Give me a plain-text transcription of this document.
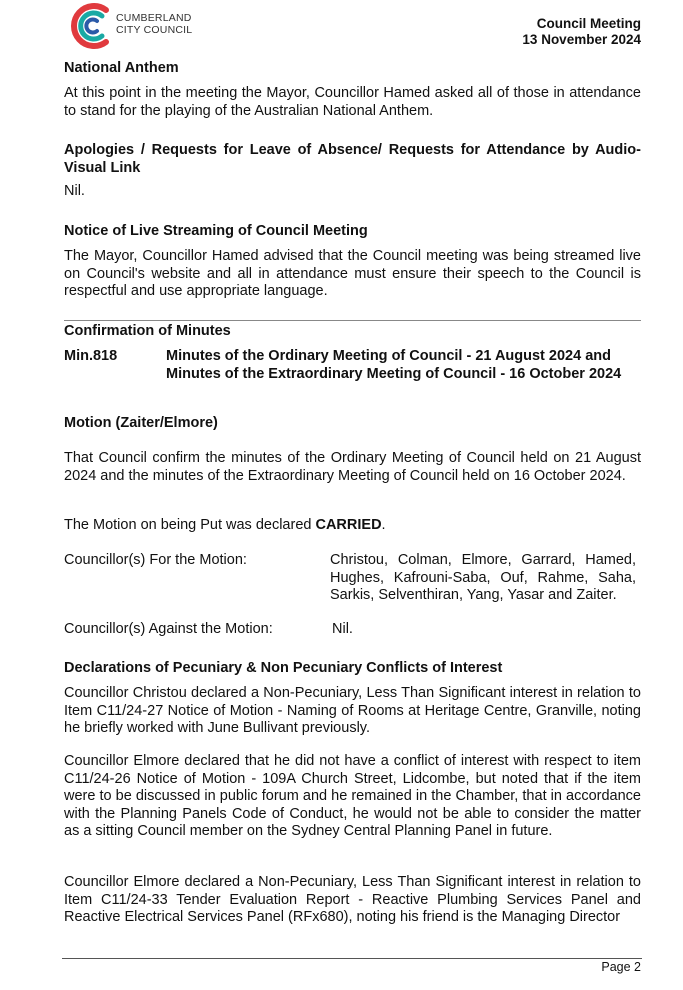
CUMBERLAND
CITY COUNCIL	Council Meeting
13 November 2024
National Anthem
At this point in the meeting the Mayor, Councillor Hamed asked all of those in attendance to stand for the playing of the Australian National Anthem.
Apologies / Requests for Leave of Absence/ Requests for Attendance by Audio-Visual Link
Nil.
Notice of Live Streaming of Council Meeting
The Mayor, Councillor Hamed advised that the Council meeting was being streamed live on Council's website and all in attendance must ensure their speech to the Council is respectful and use appropriate language.
Confirmation of Minutes
Min.818	Minutes of the Ordinary Meeting of Council - 21 August 2024 and
Minutes of the Extraordinary Meeting of Council - 16 October 2024
Motion (Zaiter/Elmore)
That Council confirm the minutes of the Ordinary Meeting of Council held on 21 August 2024 and the minutes of the Extraordinary Meeting of Council held on 16 October 2024.
The Motion on being Put was declared CARRIED.
Councillor(s) For the Motion:	Christou, Colman, Elmore, Garrard, Hamed, Hughes, Kafrouni-Saba, Ouf, Rahme, Saha, Sarkis, Selventhiran, Yang, Yasar and Zaiter.
Councillor(s) Against the Motion:	Nil.
Declarations of Pecuniary & Non Pecuniary Conflicts of Interest
Councillor Christou declared a Non-Pecuniary, Less Than Significant interest in relation to Item C11/24-27 Notice of Motion - Naming of Rooms at Heritage Centre, Granville, noting he briefly worked with June Bullivant previously.
Councillor Elmore declared that he did not have a conflict of interest with respect to item C11/24-26 Notice of Motion - 109A Church Street, Lidcombe, but noted that if the item were to be discussed in public forum and he remained in the Chamber, that in accordance with the Planning Panels Code of Conduct, he would not be able to consider the matter as a sitting Council member on the Sydney Central Planning Panel in future.
Councillor Elmore declared a Non-Pecuniary, Less Than Significant interest in relation to Item C11/24-33 Tender Evaluation Report - Reactive Plumbing Services Panel and Reactive Electrical Services Panel (RFx680), noting his friend is the Managing Director
Page 2
